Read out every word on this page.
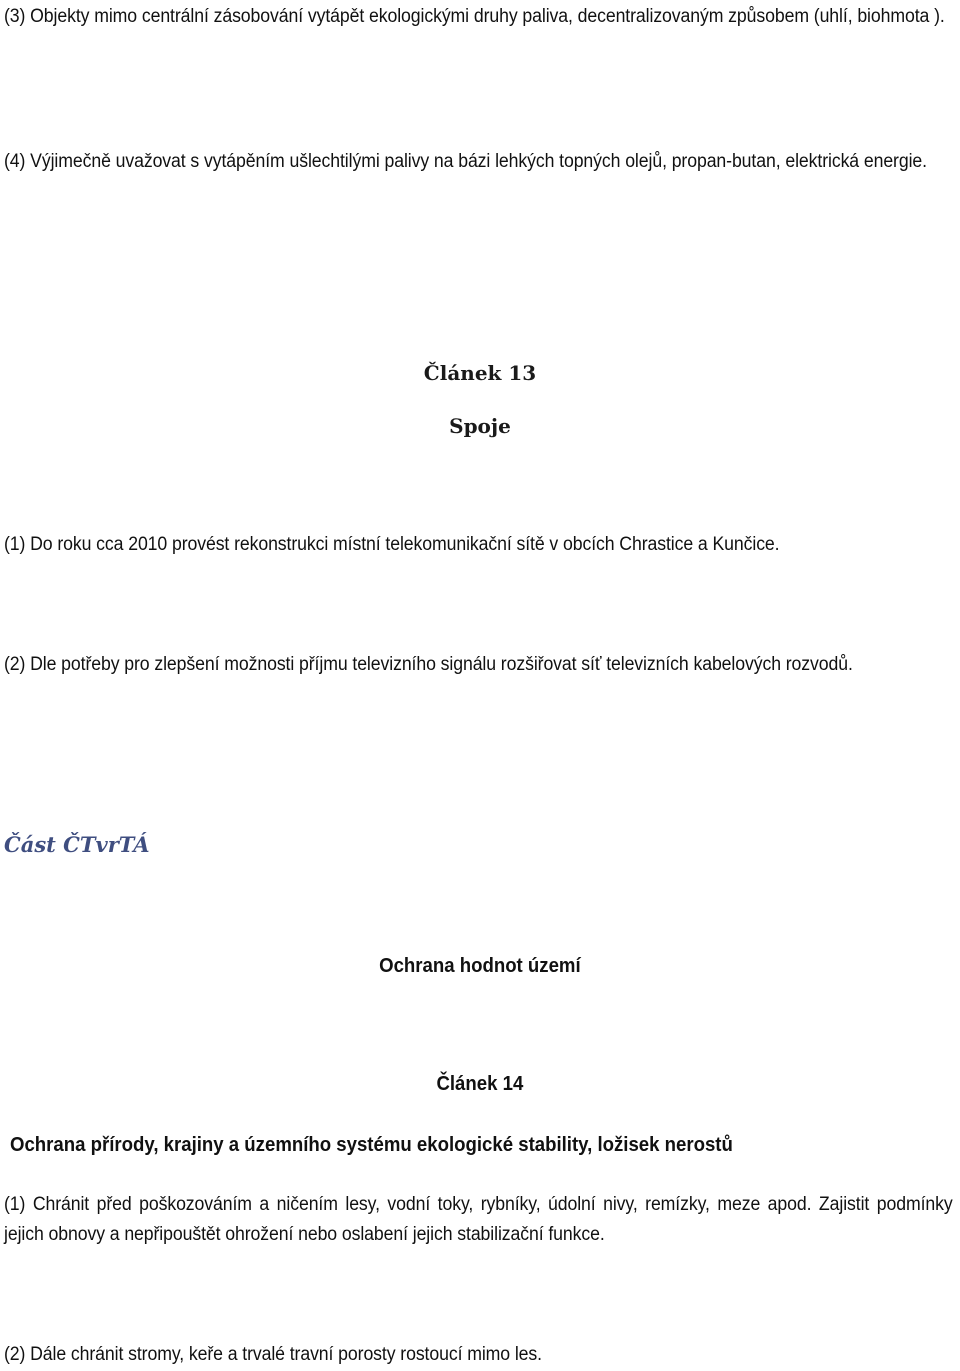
(3) Objekty mimo centrální zásobování vytápět ekologickými druhy paliva, decentralizovaným způsobem (uhlí, biohmota ).

(4) Výjimečně uvažovat s vytápěním ušlechtilými palivy na bázi lehkých topných olejů, propan-butan, elektrická energie.

Článek 13
Spoje

(1) Do roku cca 2010 provést rekonstrukci místní telekomunikační sítě v obcích Chrastice a Kunčice.

(2) Dle potřeby pro zlepšení možnosti příjmu televizního signálu rozšiřovat síť televizních kabelových rozvodů.

Část ČTvrTÁ
Ochrana hodnot území
Článek 14
Ochrana přírody, krajiny a územního systému ekologické stability, ložisek nerostů

(1) Chránit před poškozováním a ničením lesy, vodní toky, rybníky, údolní nivy, remízky, meze apod. Zajistit podmínky jejich obnovy a nepřipouštět ohrožení nebo oslabení jejich stabilizační funkce.

(2) Dále chránit stromy, keře a trvalé travní porosty rostoucí mimo les.
